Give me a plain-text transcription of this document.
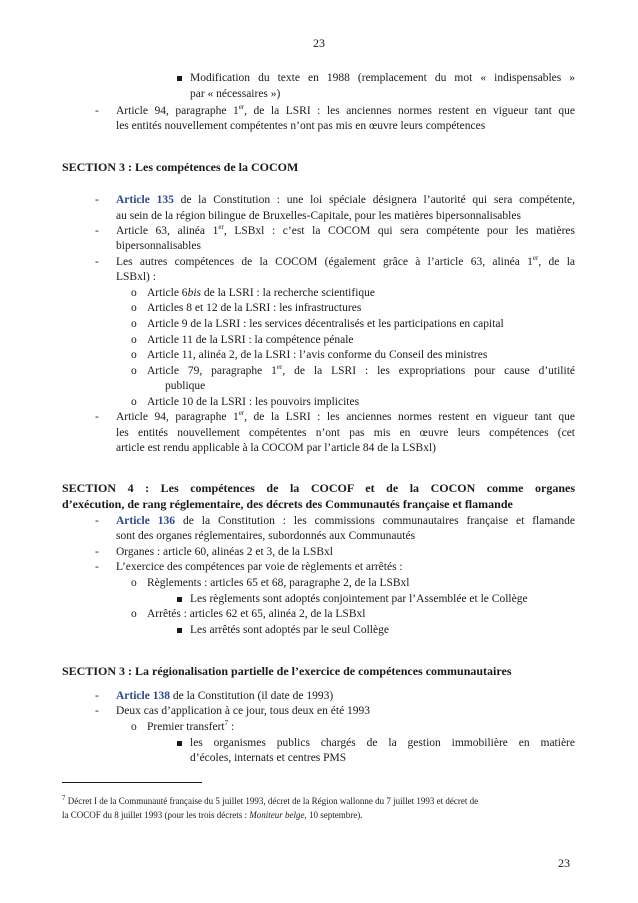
23
Modification du texte en 1988 (remplacement du mot « indispensables »
par « nécessaires »)
- Article 94, paragraphe 1er, de la LSRI : les anciennes normes restent en vigueur tant que
les entités nouvellement compétentes n’ont pas mis en œuvre leurs compétences
SECTION 3 : Les compétences de la COCOM
- Article 135 de la Constitution : une loi spéciale désignera l’autorité qui sera compétente,
au sein de la région bilingue de Bruxelles-Capitale, pour les matières bipersonnalisables
- Article 63, alinéa 1er, LSBxl : c’est la COCOM qui sera compétente pour les matières
bipersonnalisables
- Les autres compétences de la COCOM (également grâce à l’article 63, alinéa 1er, de la
LSBxl) :
o Article 6bis de la LSRI : la recherche scientifique
o Articles 8 et 12 de la LSRI : les infrastructures
o Article 9 de la LSRI : les services décentralisés et les participations en capital
o Article 11 de la LSRI : la compétence pénale
o Article 11, alinéa 2, de la LSRI : l’avis conforme du Conseil des ministres
o Article 79, paragraphe 1er, de la LSRI : les expropriations pour cause d’utilité
publique
o Article 10 de la LSRI : les pouvoirs implicites
- Article 94, paragraphe 1er, de la LSRI : les anciennes normes restent en vigueur tant que
les entités nouvellement compétentes n’ont pas mis en œuvre leurs compétences (cet
article est rendu applicable à la COCOM par l’article 84 de la LSBxl)
SECTION 4 : Les compétences de la COCOF et de la COCON comme organes
d’exécution, de rang réglementaire, des décrets des Communautés française et flamande
- Article 136 de la Constitution : les commissions communautaires française et flamande
sont des organes réglementaires, subordonnés aux Communautés
- Organes : article 60, alinéas 2 et 3, de la LSBxl
- L’exercice des compétences par voie de règlements et arrêtés :
o Règlements : articles 65 et 68, paragraphe 2, de la LSBxl
Les règlements sont adoptés conjointement par l’Assemblée et le Collège
o Arrêtés : articles 62 et 65, alinéa 2, de la LSBxl
Les arrêtés sont adoptés par le seul Collège
SECTION 3 : La régionalisation partielle de l’exercice de compétences communautaires
- Article 138 de la Constitution (il date de 1993)
- Deux cas d’application à ce jour, tous deux en été 1993
o Premier transfert$^7$ :
les organismes publics chargés de la gestion immobilière en matière
d’écoles, internats et centres PMS
$^7$ Décret I de la Communauté française du 5 juillet 1993, décret de la Région wallonne du 7 juillet 1993 et décret de
la COCOF du 8 juillet 1993 (pour les trois décrets : Moniteur belge, 10 septembre).
23
